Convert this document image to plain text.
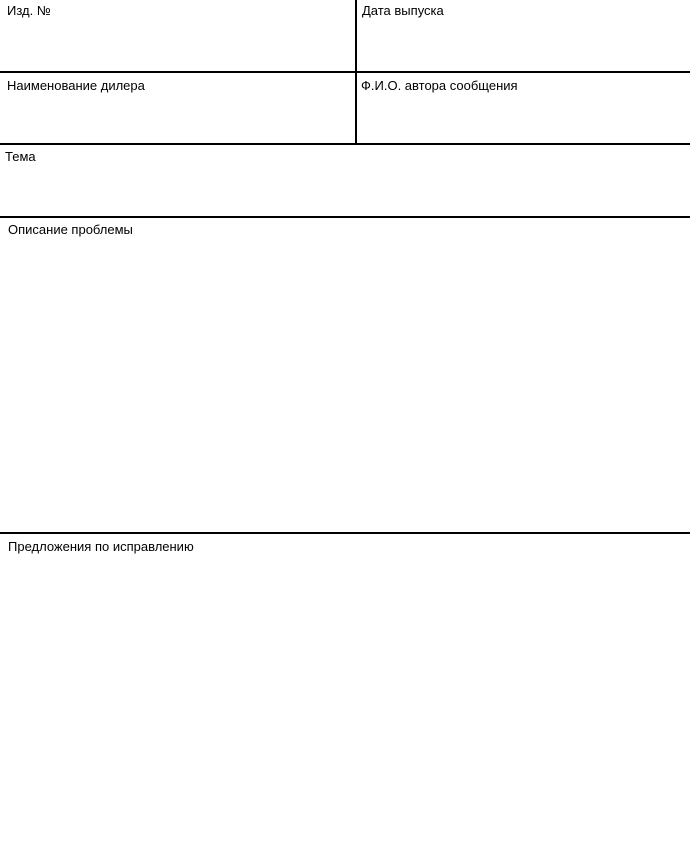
Изд. №	Дата выпуска
Наименование дилера	Ф.И.О. автора сообщения
Тема
Описание проблемы
Предложения по исправлению
